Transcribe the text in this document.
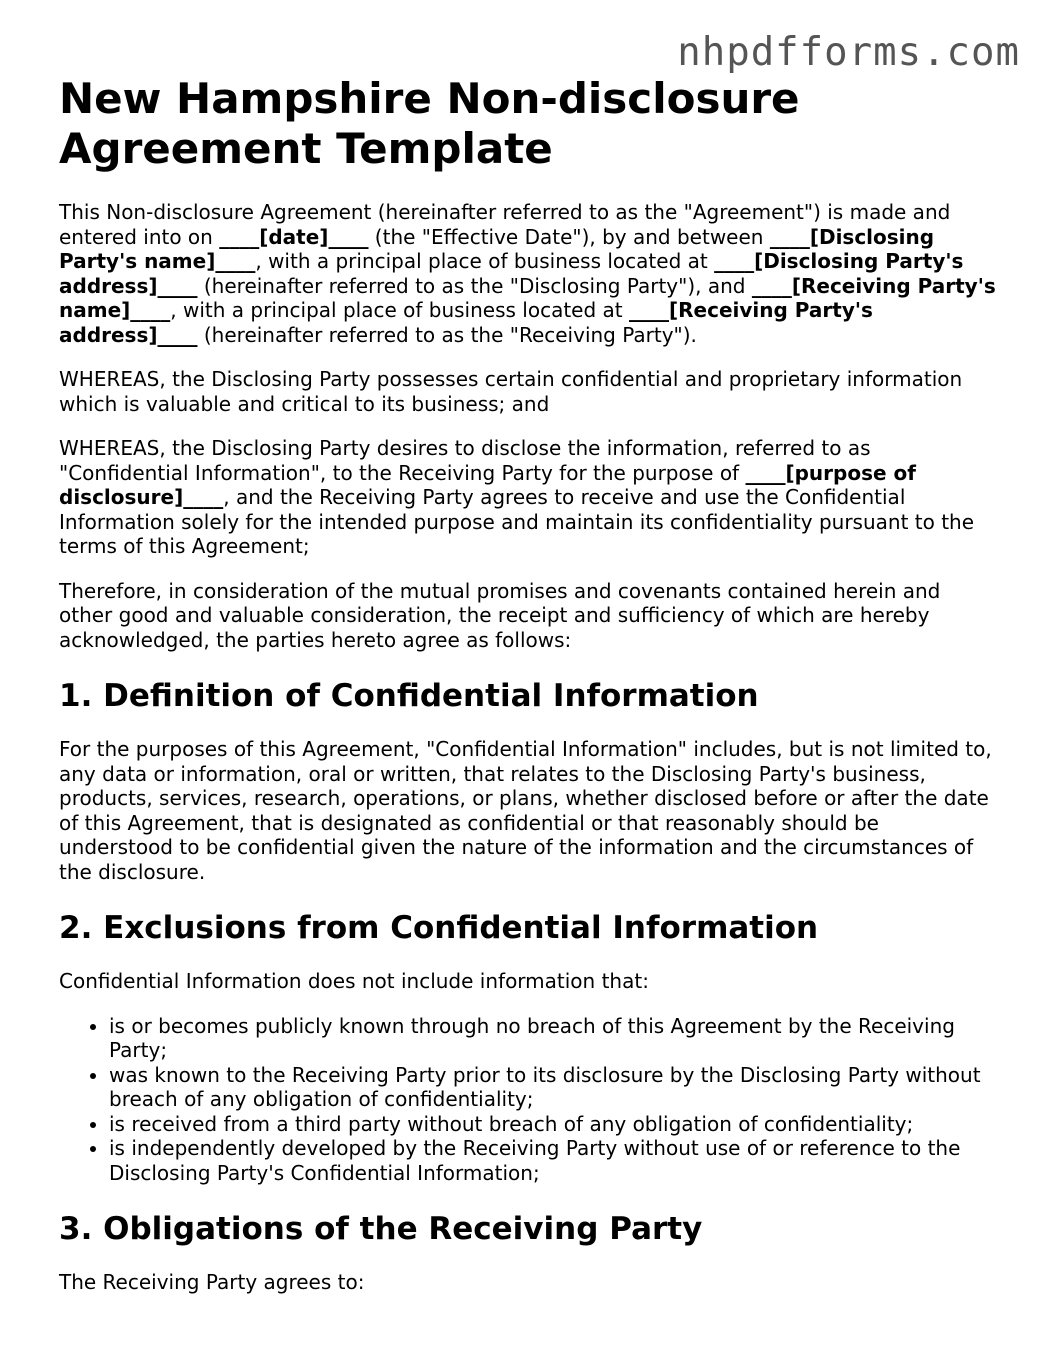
nhpdfforms.com
New Hampshire Non-disclosure Agreement Template

This Non-disclosure Agreement (hereinafter referred to as the "Agreement") is made and entered into on ____[date]____ (the "Effective Date"), by and between ____[Disclosing Party's name]____, with a principal place of business located at ____[Disclosing Party's address]____ (hereinafter referred to as the "Disclosing Party"), and ____[Receiving Party's name]____, with a principal place of business located at ____[Receiving Party's address]____ (hereinafter referred to as the "Receiving Party").

WHEREAS, the Disclosing Party possesses certain confidential and proprietary information which is valuable and critical to its business; and

WHEREAS, the Disclosing Party desires to disclose the information, referred to as "Confidential Information", to the Receiving Party for the purpose of ____[purpose of disclosure]____, and the Receiving Party agrees to receive and use the Confidential Information solely for the intended purpose and maintain its confidentiality pursuant to the terms of this Agreement;

Therefore, in consideration of the mutual promises and covenants contained herein and other good and valuable consideration, the receipt and sufficiency of which are hereby acknowledged, the parties hereto agree as follows:

1. Definition of Confidential Information

For the purposes of this Agreement, "Confidential Information" includes, but is not limited to, any data or information, oral or written, that relates to the Disclosing Party's business, products, services, research, operations, or plans, whether disclosed before or after the date of this Agreement, that is designated as confidential or that reasonably should be understood to be confidential given the nature of the information and the circumstances of the disclosure.

2. Exclusions from Confidential Information

Confidential Information does not include information that:

• is or becomes publicly known through no breach of this Agreement by the Receiving Party;
• was known to the Receiving Party prior to its disclosure by the Disclosing Party without breach of any obligation of confidentiality;
• is received from a third party without breach of any obligation of confidentiality;
• is independently developed by the Receiving Party without use of or reference to the Disclosing Party's Confidential Information;
3. Obligations of the Receiving Party

The Receiving Party agrees to:
